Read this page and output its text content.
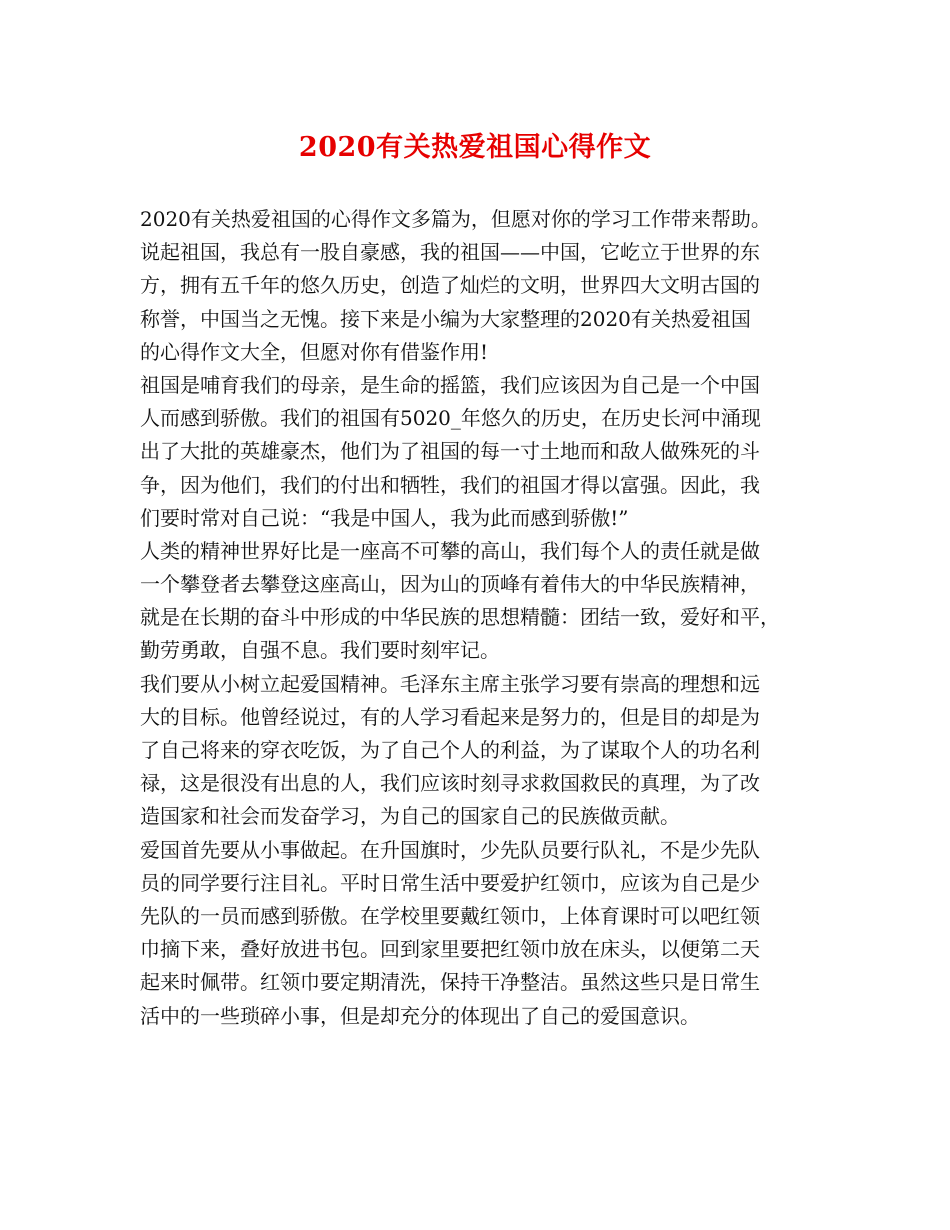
2020有关热爱祖国心得作文
2020有关热爱祖国的心得作文多篇为，但愿对你的学习工作带来帮助。
说起祖国，我总有一股自豪感，我的祖国——中国，它屹立于世界的东
方，拥有五千年的悠久历史，创造了灿烂的文明，世界四大文明古国的
称誉，中国当之无愧。接下来是小编为大家整理的2020有关热爱祖国
的心得作文大全，但愿对你有借鉴作用!
祖国是哺育我们的母亲，是生命的摇篮，我们应该因为自己是一个中国
人而感到骄傲。我们的祖国有5020_年悠久的历史，在历史长河中涌现
出了大批的英雄豪杰，他们为了祖国的每一寸土地而和敌人做殊死的斗
争，因为他们，我们的付出和牺牲，我们的祖国才得以富强。因此，我
们要时常对自己说：“我是中国人，我为此而感到骄傲!”
人类的精神世界好比是一座高不可攀的高山，我们每个人的责任就是做
一个攀登者去攀登这座高山，因为山的顶峰有着伟大的中华民族精神，
就是在长期的奋斗中形成的中华民族的思想精髓：团结一致，爱好和平，
勤劳勇敢，自强不息。我们要时刻牢记。
我们要从小树立起爱国精神。毛泽东主席主张学习要有崇高的理想和远
大的目标。他曾经说过，有的人学习看起来是努力的，但是目的却是为
了自己将来的穿衣吃饭，为了自己个人的利益，为了谋取个人的功名利
禄，这是很没有出息的人，我们应该时刻寻求救国救民的真理，为了改
造国家和社会而发奋学习，为自己的国家自己的民族做贡献。
爱国首先要从小事做起。在升国旗时，少先队员要行队礼，不是少先队
员的同学要行注目礼。平时日常生活中要爱护红领巾，应该为自己是少
先队的一员而感到骄傲。在学校里要戴红领巾，上体育课时可以吧红领
巾摘下来，叠好放进书包。回到家里要把红领巾放在床头，以便第二天
起来时佩带。红领巾要定期清洗，保持干净整洁。虽然这些只是日常生
活中的一些琐碎小事，但是却充分的体现出了自己的爱国意识。
